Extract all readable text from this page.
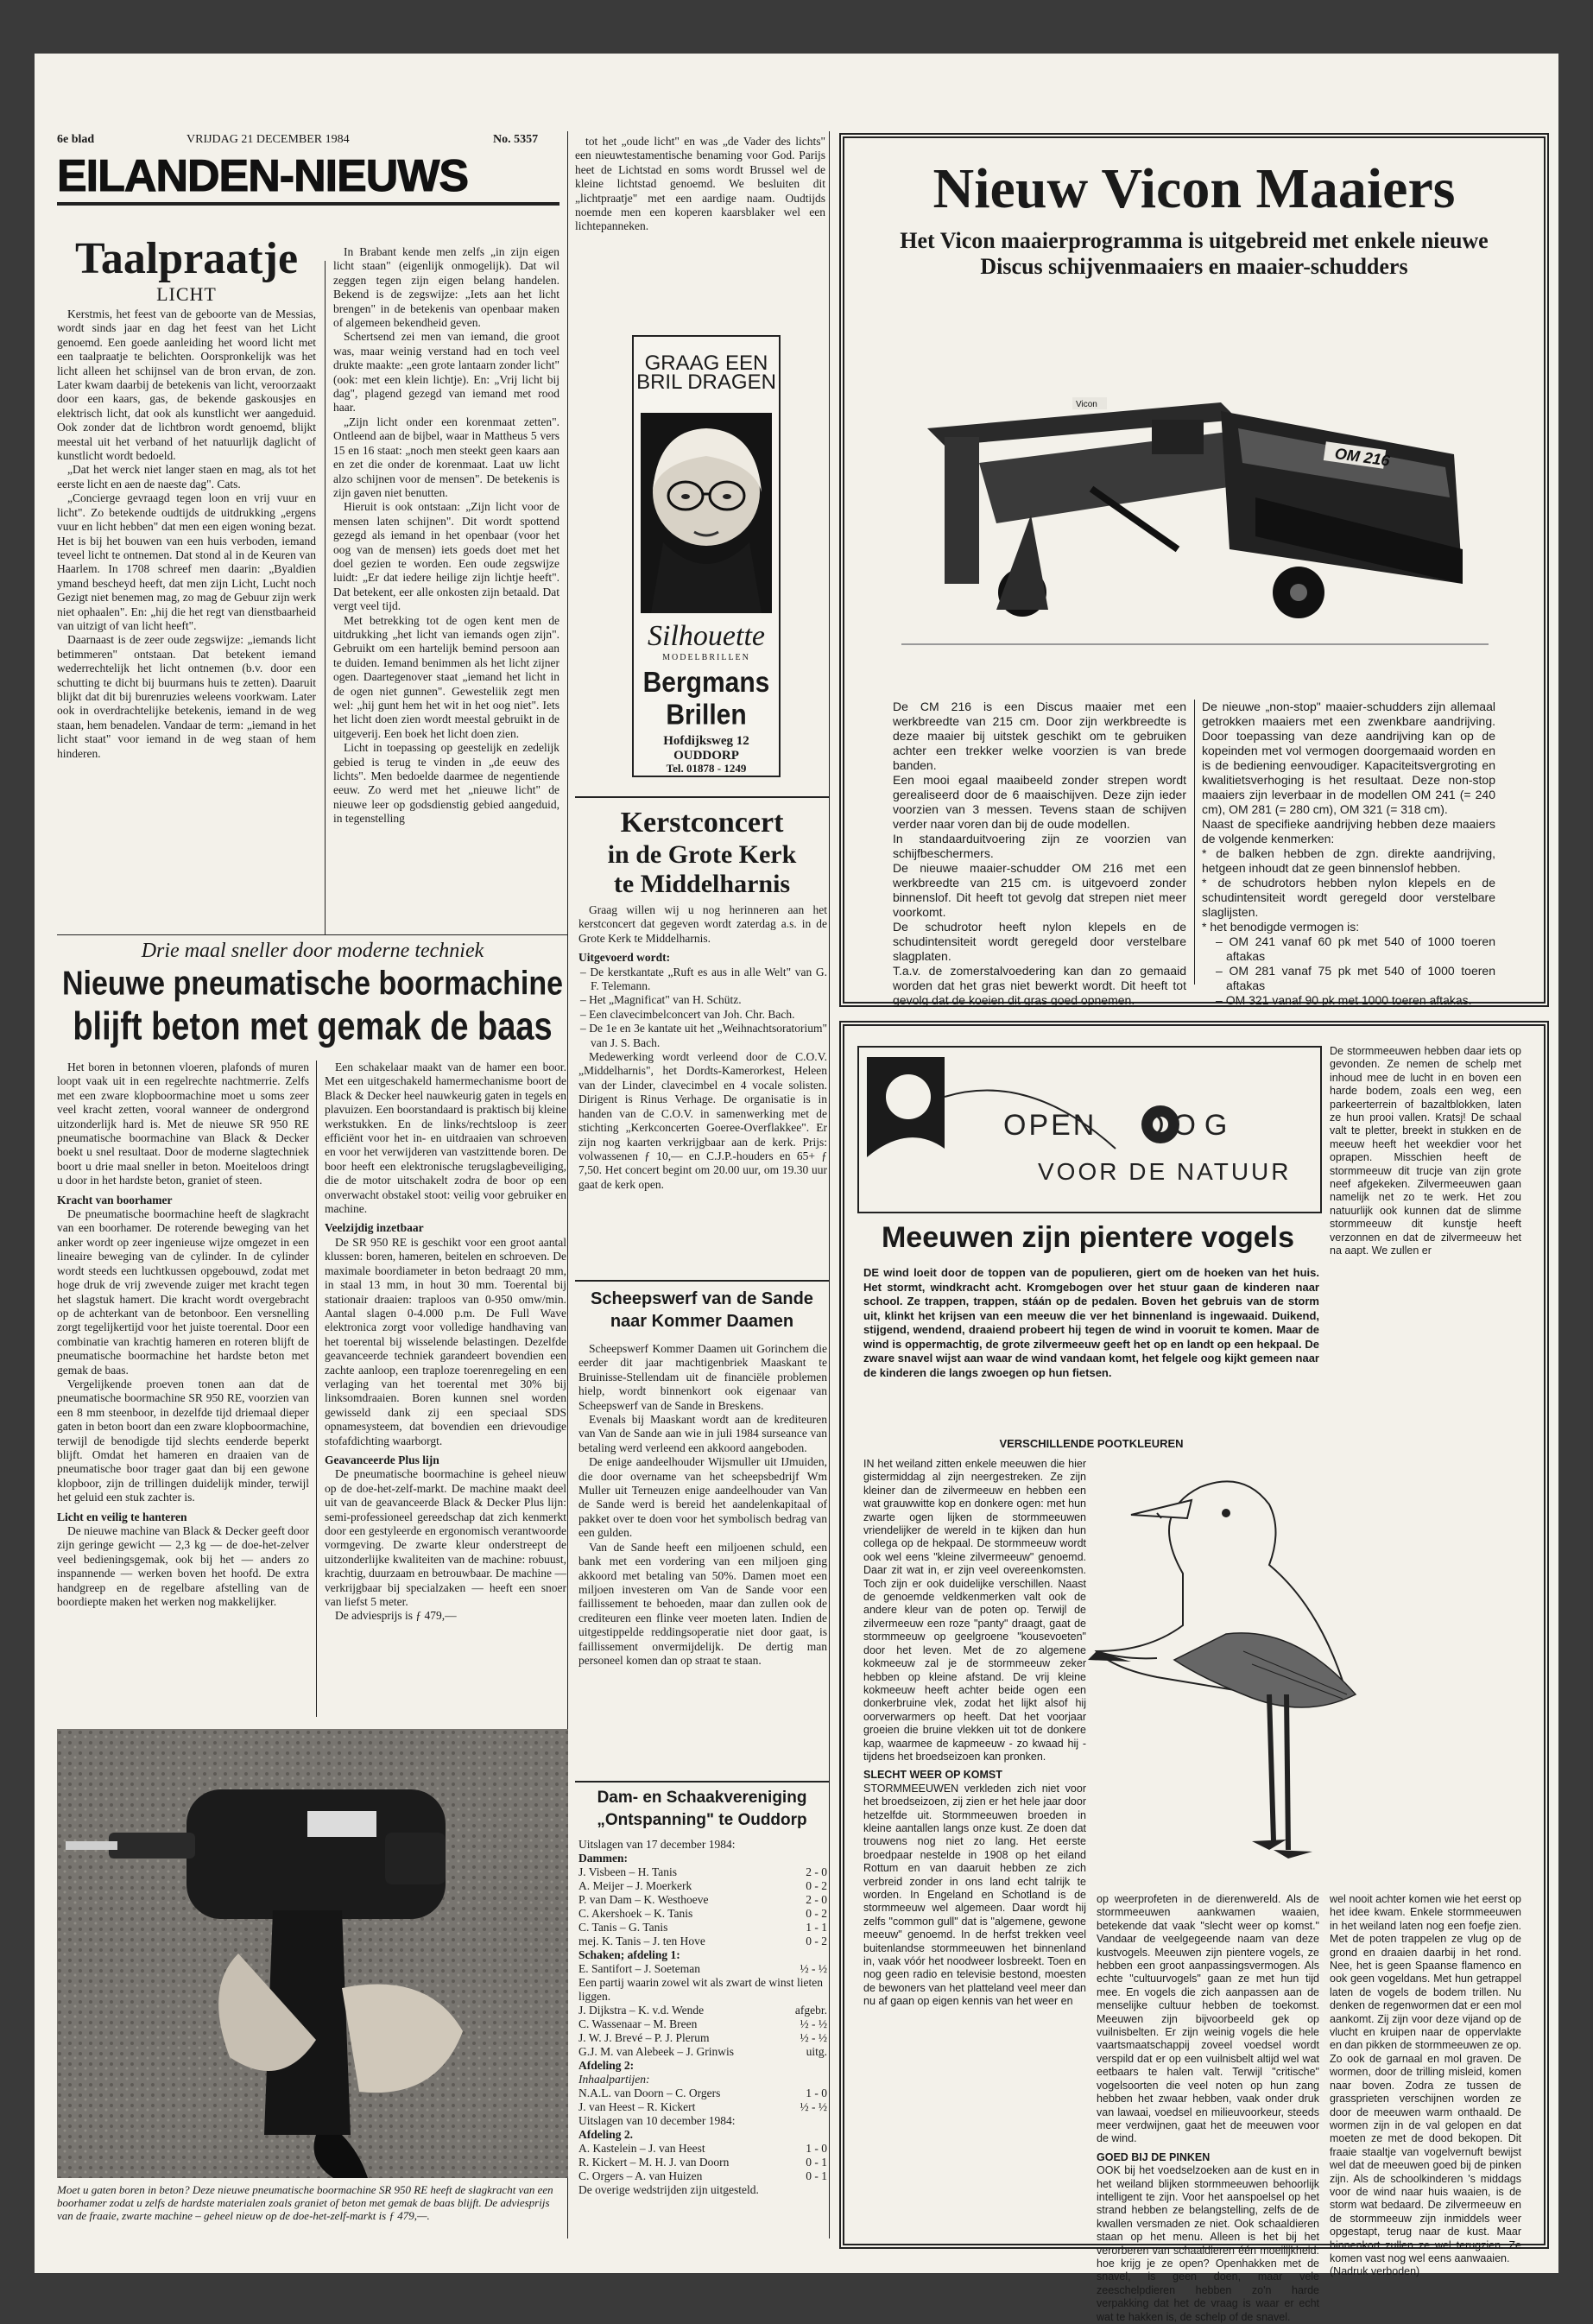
6e blad	VRIJDAG 21 DECEMBER 1984	No. 5357
EILANDEN-NIEUWS
Taalpraatje
LICHT

Kerstmis, het feest van de geboorte van de Messias, wordt sinds jaar en dag het feest van het Licht genoemd. Een goede aanleiding het woord licht met een taalpraatje te belichten. Oorspronkelijk was het licht alleen het schijnsel van de bron ervan, de zon. Later kwam daarbij de betekenis van licht, veroorzaakt door een kaars, gas, de bekende gaskousjes en elektrisch licht, dat ook als kunstlicht wer aangeduid. Ook zonder dat de lichtbron wordt genoemd, blijkt meestal uit het verband of het natuurlijk daglicht of kunstlicht wordt bedoeld.

„Dat het werck niet langer staen en mag, als tot het eerste licht en aen de naeste dag". Cats.

„Concierge gevraagd tegen loon en vrij vuur en licht". Zo betekende oudtijds de uitdrukking „ergens vuur en licht hebben" dat men een eigen woning bezat. Het is bij het bouwen van een huis verboden, iemand teveel licht te ontnemen. Dat stond al in de Keuren van Haarlem. In 1708 schreef men daarin: „Byaldien ymand bescheyd heeft, dat men zijn Licht, Lucht noch Gezigt niet benemen mag, zo mag de Gebuur zijn werk niet ophaalen". En: „hij die het regt van dienstbaarheid van uitzigt of van licht heeft".

Daarnaast is de zeer oude zegswijze: „iemands licht betimmeren" ontstaan. Dat betekent iemand wederrechtelijk het licht ontnemen (b.v. door een schutting te dicht bij buurmans huis te zetten). Daaruit blijkt dat dit bij burenruzies weleens voorkwam. Later ook in overdrachtelijke betekenis, iemand in de weg staan, hem benadelen. Vandaar de term: „iemand in het licht staat" voor iemand in de weg staan of hem hinderen.

In Brabant kende men zelfs „in zijn eigen licht staan" (eigenlijk onmogelijk). Dat wil zeggen tegen zijn eigen belang handelen. Bekend is de zegswijze: „Iets aan het licht brengen" in de betekenis van openbaar maken of algemeen bekendheid geven.

Schertsend zei men van iemand, die groot was, maar weinig verstand had en toch veel drukte maakte: „een grote lantaarn zonder licht" (ook: met een klein lichtje). En: „Vrij licht bij dag", plagend gezegd van iemand met rood haar.

„Zijn licht onder een korenmaat zetten". Ontleend aan de bijbel, waar in Mattheus 5 vers 15 en 16 staat: „noch men steekt geen kaars aan en zet die onder de korenmaat. Laat uw licht alzo schijnen voor de mensen". De betekenis is zijn gaven niet benutten.

Hieruit is ook ontstaan: „Zijn licht voor de mensen laten schijnen". Dit wordt spottend gezegd als iemand in het openbaar (voor het oog van de mensen) iets goeds doet met het doel gezien te worden. Een oude zegswijze luidt: „Er dat iedere heilige zijn lichtje heeft". Dat betekent, eer alle onkosten zijn betaald. Dat vergt veel tijd.

Met betrekking tot de ogen kent men de uitdrukking „het licht van iemands ogen zijn". Gebruikt om een hartelijk bemind persoon aan te duiden. Iemand benimmen als het licht zijner ogen. Daartegenover staat „iemand het licht in de ogen niet gunnen". Gewesteliik zegt men wel: „hij gunt hem het wit in het oog niet". Iets het licht doen zien wordt meestal gebruikt in de uitgeverij. Een boek het licht doen zien.

Licht in toepassing op geestelijk en zedelijk gebied is terug te vinden in „de eeuw des lichts". Men bedoelde daarmee de negentiende eeuw. Zo werd met het „nieuwe licht" de nieuwe leer op godsdienstig gebied aangeduid, in tegenstelling

tot het „oude licht" en was „de Vader des lichts" een nieuwtestamentische benaming voor God. Parijs heet de Lichtstad en soms wordt Brussel wel de kleine lichtstad genoemd. We besluiten dit „lichtpraatje" met een aardige naam. Oudtijds noemde men een koperen kaarsblaker wel een lichtepanneken.

GRAAG EEN BRIL DRAGEN
Silhouette
MODELBRILLEN
Bergmans Brillen
Hofdijksweg 12
OUDDORP
Tel. 01878 - 1249
Drie maal sneller door moderne techniek
Nieuwe pneumatische boormachine
blijft beton met gemak de baas

Het boren in betonnen vloeren, plafonds of muren loopt vaak uit in een regelrechte nachtmerrie. Zelfs met een zware klopboormachine moet u soms zeer veel kracht zetten, vooral wanneer de ondergrond uitzonderlijk hard is. Met de nieuwe SR 950 RE pneumatische boormachine van Black & Decker boekt u snel resultaat. Door de moderne slagtechniek boort u drie maal sneller in beton. Moeiteloos dringt u door in het hardste beton, graniet of steen.

Kracht van boorhamer

De pneumatische boormachine heeft de slagkracht van een boorhamer. De roterende beweging van het anker wordt op zeer ingenieuse wijze omgezet in een lineaire beweging van de cylinder. In de cylinder wordt steeds een luchtkussen opgebouwd, zodat met hoge druk de vrij zwevende zuiger met kracht tegen het slagstuk hamert. Die kracht wordt overgebracht op de achterkant van de betonboor. Een versnelling zorgt tegelijkertijd voor het juiste toerental. Door een combinatie van krachtig hameren en roteren blijft de pneumatische boormachine het hardste beton met gemak de baas.

Vergelijkende proeven tonen aan dat de pneumatische boormachine SR 950 RE, voorzien van een 8 mm steenboor, in dezelfde tijd driemaal dieper gaten in beton boort dan een zware klopboormachine, terwijl de benodigde tijd slechts eenderde beperkt blijft. Omdat het hameren en draaien van de pneumatische boor trager gaat dan bij een gewone klopboor, zijn de trillingen duidelijk minder, terwijl het geluid een stuk zachter is.

Licht en veilig te hanteren

De nieuwe machine van Black & Decker geeft door zijn geringe gewicht — 2,3 kg — de doe-het-zelver veel bedieningsgemak, ook bij het — anders zo inspannende — werken boven het hoofd. De extra handgreep en de regelbare afstelling van de boordiepte maken het werken nog makkelijker.

Een schakelaar maakt van de hamer een boor. Met een uitgeschakeld hamermechanisme boort de Black & Decker heel nauwkeurig gaten in tegels en plavuizen. Een boorstandaard is praktisch bij kleine werkstukken. En de links/rechtsloop is zeer efficiënt voor het in- en uitdraaien van schroeven en voor het verwijderen van vastzittende boren. De boor heeft een elektronische terugslagbeveiliging, die de motor uitschakelt zodra de boor op een onverwacht obstakel stoot: veilig voor gebruiker en machine.

Veelzijdig inzetbaar

De SR 950 RE is geschikt voor een groot aantal klussen: boren, hameren, beitelen en schroeven. De maximale boordiameter in beton bedraagt 20 mm, in staal 13 mm, in hout 30 mm. Toerental bij stationair draaien: traploos van 0-950 omw/min. Aantal slagen 0-4.000 p.m. De Full Wave elektronica zorgt voor volledige handhaving van het toerental bij wisselende belastingen. Dezelfde geavanceerde techniek garandeert bovendien een zachte aanloop, een traploze toerenregeling en een verlaging van het toerental met 30% bij linksomdraaien. Boren kunnen snel worden gewisseld dank zij een speciaal SDS opnamesysteem, dat bovendien een drievoudige stofafdichting waarborgt.

Geavanceerde Plus lijn

De pneumatische boormachine is geheel nieuw op de doe-het-zelf-markt. De machine maakt deel uit van de geavanceerde Black & Decker Plus lijn: semi-professioneel gereedschap dat zich kenmerkt door een gestyleerde en ergonomisch verantwoorde vormgeving. De zwarte kleur onderstreept de uitzonderlijke kwaliteiten van de machine: robuust, krachtig, duurzaam en betrouwbaar. De machine — verkrijgbaar bij specialzaken — heeft een snoer van liefst 5 meter.

De adviesprijs is ƒ 479,—

Moet u gaten boren in beton? Deze nieuwe pneumatische boormachine SR 950 RE heeft de slagkracht van een boorhamer zodat u zelfs de hardste materialen zoals graniet of beton met gemak de baas blijft. De adviesprijs van de fraaie, zwarte machine – geheel nieuw op de doe-het-zelf-markt is ƒ 479,—.
Kerstconcert
in de Grote Kerk
te Middelharnis

Graag willen wij u nog herinneren aan het kerstconcert dat gegeven wordt zaterdag a.s. in de Grote Kerk te Middelharnis.

Uitgevoerd wordt:

– De kerstkantate „Ruft es aus in alle Welt" van G. F. Telemann.
– Het „Magnificat" van H. Schütz.
– Een clavecimbelconcert van Joh. Chr. Bach.
– De 1e en 3e kantate uit het „Weihnachtsoratorium" van J. S. Bach.

Medewerking wordt verleend door de C.O.V. „Middelharnis", het Dordts-Kamerorkest, Heleen van der Linder, clavecimbel en 4 vocale solisten. Dirigent is Rinus Verhage. De organisatie is in handen van de C.O.V. in samenwerking met de stichting „Kerkconcerten Goeree-Overflakkee". Er zijn nog kaarten verkrijgbaar aan de kerk. Prijs: volwassenen ƒ 10,— en C.J.P.-houders en 65+ ƒ 7,50. Het concert begint om 20.00 uur, om 19.30 uur gaat de kerk open.

Scheepswerf van de Sande
naar Kommer Daamen

Scheepswerf Kommer Daamen uit Gorinchem die eerder dit jaar machtigenbriek Maaskant te Bruinisse-Stellendam uit de financiële problemen hielp, wordt binnenkort ook eigenaar van Scheepswerf van de Sande in Breskens.

Evenals bij Maaskant wordt aan de krediteuren van Van de Sande aan wie in juli 1984 surseance van betaling werd verleend een akkoord aangeboden.

De enige aandeelhouder Wijsmuller uit IJmuiden, die door overname van het scheepsbedrijf Wm Muller uit Terneuzen enige aandeelhouder van Van de Sande werd is bereid het aandelenkapitaal of pakket over te doen voor het symbolisch bedrag van een gulden.

Van de Sande heeft een miljoenen schuld, een bank met een vordering van een miljoen ging akkoord met betaling van 50%. Damen moet een miljoen investeren om Van de Sande voor een faillissement te behoeden, maar dan zullen ook de crediteuren een flinke veer moeten laten. Indien de uitgestippelde reddingsoperatie niet door gaat, is faillissement onvermijdelijk. De dertig man personeel komen dan op straat te staan.

Dam- en Schaakvereniging
„Ontspanning" te Ouddorp
Uitslagen van 17 december 1984:
Dammen:
J. Visbeen – H. Tanis	2 - 0
A. Meijer – J. Moerkerk	0 - 2
P. van Dam – K. Westhoeve	2 - 0
C. Akershoek – K. Tanis	0 - 2
C. Tanis – G. Tanis	1 - 1
mej. K. Tanis – J. ten Hove	0 - 2
Schaken; afdeling 1:
E. Santifort – J. Soeteman	½ - ½
Een partij waarin zowel wit als zwart de winst lieten liggen.
J. Dijkstra – K. v.d. Wende	afgebr.
C. Wassenaar – M. Breen	½ - ½
J. W. J. Brevé – P. J. Plerum	½ - ½
G.J. M. van Alebeek – J. Grinwis	uitg.
Afdeling 2:
Inhaalpartijen:
N.A.L. van Doorn – C. Orgers	1 - 0
J. van Heest – R. Kickert	½ - ½
Uitslagen van 10 december 1984:
Afdeling 2.
A. Kastelein – J. van Heest	1 - 0
R. Kickert – M. H. J. van Doorn	0 - 1
C. Orgers – A. van Huizen	0 - 1
De overige wedstrijden zijn uitgesteld.
Nieuw Vicon Maaiers
Het Vicon maaierprogramma is uitgebreid met enkele nieuwe Discus schijvenmaaiers en maaier-schudders
OM 216
Vicon
De CM 216 is een Discus maaier met een werkbreedte van 215 cm. Door zijn werkbreedte is deze maaier bij uitstek geschikt om te gebruiken achter een trekker welke voorzien is van brede banden.
Een mooi egaal maaibeeld zonder strepen wordt gerealiseerd door de 6 maaischijven. Deze zijn ieder voorzien van 3 messen. Tevens staan de schijven verder naar voren dan bij de oude modellen.
In standaarduitvoering zijn ze voorzien van schijfbeschermers.
De nieuwe maaier-schudder OM 216 met een werkbreedte van 215 cm. is uitgevoerd zonder binnenslof. Dit heeft tot gevolg dat strepen niet meer voorkomt.
De schudrotor heeft nylon klepels en de schudintensiteit wordt geregeld door verstelbare slagplaten.
T.a.v. de zomerstalvoedering kan dan zo gemaaid worden dat het gras niet bewerkt wordt. Dit heeft tot gevolg dat de koeien dit gras goed opnemen.
De nieuwe „non-stop" maaier-schudders zijn allemaal getrokken maaiers met een zwenkbare aandrijving. Door toepassing van deze aandrijving kan op de kopeinden met vol vermogen doorgemaaid worden en is de bediening eenvoudiger. Kapaciteitsvergroting en kwalitietsverhoging is het resultaat. Deze non-stop maaiers zijn leverbaar in de modellen OM 241 (= 240 cm), OM 281 (= 280 cm), OM 321 (= 318 cm).
Naast de specifieke aandrijving hebben deze maaiers de volgende kenmerken:
* de balken hebben de zgn. direkte aandrijving, hetgeen inhoudt dat ze geen binnenslof hebben.
* de schudrotors hebben nylon klepels en de schudintensiteit wordt geregeld door verstelbare slaglijsten.
* het benodigde vermogen is:
– OM 241 vanaf 60 pk met 540 of 1000 toeren aftakas
– OM 281 vanaf 75 pk met 540 of 1000 toeren aftakas
– OM 321 vanaf 90 pk met 1000 toeren aftakas.
OPEN OOG
VOOR DE NATUUR
Meeuwen zijn pientere vogels
DE wind loeit door de toppen van de populieren, giert om de hoeken van het huis. Het stormt, windkracht acht. Kromgebogen over het stuur gaan de kinderen naar school. Ze trappen, trappen, stáán op de pedalen. Boven het gebruis van de storm uit, klinkt het krijsen van een meeuw die ver het binnenland is ingewaaid. Duikend, stijgend, wendend, draaiend probeert hij tegen de wind in vooruit te komen. Maar de wind is oppermachtig, de grote zilvermeeuw geeft het op en landt op een hekpaal. De zware snavel wijst aan waar de wind vandaan komt, het felgele oog kijkt gemeen naar de kinderen die langs zwoegen op hun fietsen.
VERSCHILLENDE POOTKLEUREN
IN het weiland zitten enkele meeuwen die hier gistermiddag al zijn neergestreken. Ze zijn kleiner dan de zilvermeeuw en hebben een wat grauwwitte kop en donkere ogen: met hun zwarte ogen lijken de stormmeeuwen vriendelijker de wereld in te kijken dan hun collega op de hekpaal. De stormmeeuw wordt ook wel eens "kleine zilvermeeuw" genoemd. Daar zit wat in, er zijn veel overeenkomsten. Toch zijn er ook duidelijke verschillen. Naast de genoemde veldkenmerken valt ook de andere kleur van de poten op. Terwijl de zilvermeeuw een roze "panty" draagt, gaat de stormmeeuw op geelgroene "kousevoeten" door het leven. Met de zo algemene kokmeeuw zal je de stormmeeuw zeker hebben op kleine afstand. De vrij kleine kokmeeuw heeft achter beide ogen een donkerbruine vlek, zodat het lijkt alsof hij oorverwarmers op heeft. Dat het voorjaar groeien die bruine vlekken uit tot de donkere kap, waarmee de kapmeeuw - zo kwaad hij - tijdens het broedseizoen kan pronken.
SLECHT WEER OP KOMST
STORMMEEUWEN verkleden zich niet voor het broedseizoen, zij zien er het hele jaar door hetzelfde uit. Stormmeeuwen broeden in kleine aantallen langs onze kust. Ze doen dat trouwens nog niet zo lang. Het eerste broedpaar nestelde in 1908 op het eiland Rottum en van daaruit hebben ze zich verbreid zonder in ons land echt talrijk te worden. In Engeland en Schotland is de stormmeeuw wel algemeen. Daar wordt hij zelfs "common gull" dat is "algemene, gewone meeuw" genoemd. In de herfst trekken veel buitenlandse stormmeeuwen het binnenland in, vaak vóór het noodweer losbreekt. Toen en nog geen radio en televisie bestond, moesten de bewoners van het platteland veel meer dan nu af gaan op eigen kennis van het weer en
op weerprofeten in de dierenwereld. Als de stormmeeuwen aankwamen waaien, betekende dat vaak "slecht weer op komst." Vandaar de veelgegeende naam van deze kustvogels. Meeuwen zijn pientere vogels, ze hebben een groot aanpassingsvermogen. Als echte "cultuurvogels" gaan ze met hun tijd mee. En vogels die zich aanpassen aan de menselijke cultuur hebben de toekomst. Meeuwen zijn bijvoorbeeld gek op vuilnisbelten. Er zijn weinig vogels die hele vaartsmaatschappij zoveel voedsel wordt verspild dat er op een vuilnisbelt altijd wel wat eetbaars te halen valt. Terwijl "critische" vogelsoorten die veel noten op hun zang hebben het zwaar hebben, vaak onder druk van lawaai, voedsel en milieuvoorkeur, steeds meer verdwijnen, gaat het de meeuwen voor de wind.
GOED BIJ DE PINKEN
OOK bij het voedselzoeken aan de kust en in het weiland blijken stormmeeuwen behoorlijk intelligent te zijn. Voor het aanspoelsel op het strand hebben ze belangstelling, zelfs de de kwallen versmaden ze niet. Ook schaaldieren staan op het menu. Alleen is het bij het verorberen van schaaldieren één moeilijkheid: hoe krijg je ze open? Openhakken met de snavel, is geen doen, maar vele zeeschelpdieren hebben zo'n harde verpakking dat het de vraag is waar er echt wat te hakken is, de schelp of de snavel.
De stormmeeuwen hebben daar iets op gevonden. Ze nemen de schelp met inhoud mee de lucht in en boven een harde bodem, zoals een weg, een parkeerterrein of bazaltblokken, laten ze hun prooi vallen. Kratsj! De schaal valt te pletter, breekt in stukken en de meeuw heeft het weekdier voor het oprapen. Misschien heeft de stormmeeuw dit trucje van zijn grote neef afgekeken. Zilvermeeuwen gaan namelijk net zo te werk. Het zou natuurlijk ook kunnen dat de slimme stormmeeuw dit kunstje heeft verzonnen en dat de zilvermeeuw het na aapt. We zullen er
wel nooit achter komen wie het eerst op het idee kwam. Enkele stormmeeuwen in het weiland laten nog een foefje zien. Met de poten trappelen ze vlug op de grond en draaien daarbij in het rond. Nee, het is geen Spaanse flamenco en ook geen vogeldans. Met hun getrappel laten de vogels de bodem trillen. Nu denken de regenwormen dat er een mol aankomt. Zij zijn voor deze vijand op de vlucht en kruipen naar de oppervlakte en dan pikken de stormmeeuwen ze op. Zo ook de garnaal en mol graven. De wormen, door de trilling misleid, komen naar boven. Zodra ze tussen de grassprieten verschijnen worden ze door de meeuwen warm onthaald. De wormen zijn in de val gelopen en dat moeten ze met de dood bekopen. Dit fraaie staaltje van vogelvernuft bewijst wel dat de meeuwen goed bij de pinken zijn. Als de schoolkinderen 's middags voor de wind naar huis waaien, is de storm wat bedaard. De zilvermeeuw en de stormmeeuw zijn inmiddels weer opgestapt, terug naar de kust. Maar binnenkort zullen ze wel terugzien. Ze komen vast nog wel eens aanwaaien.
(Nadruk verboden)
